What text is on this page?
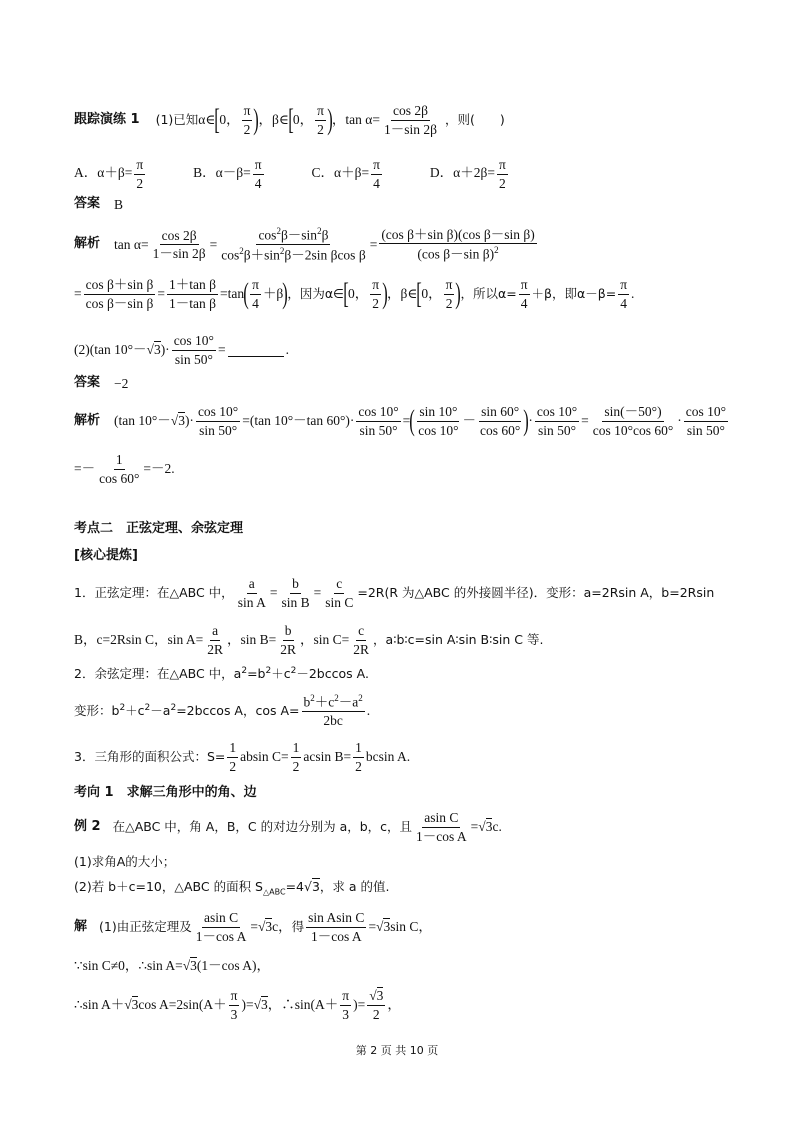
跟踪演练 1 (1)已知 α∈ [ 0， $\frac{\pi}{2}$ ) ，β∈ [ 0， $\frac{\pi}{2}$ ) ，$\tan \alpha= \frac{\cos 2\beta}{1-\sin 2\beta}$ ，则(　　)
A．$\alpha+\beta= \frac{\pi}{2}$	B．$\alpha-\beta= \frac{\pi}{4}$	C．$\alpha+\beta= \frac{\pi}{4}$	D．$\alpha+2\beta= \frac{\pi}{2}$
答案 B
解析 $\tan \alpha= \frac{\cos 2\beta}{1-\sin 2\beta} = \frac{\cos^2\beta-\sin^2\beta}{\cos^2\beta+\sin^2\beta-2\sin \beta\cos \beta} = \frac{\text{(cos β＋sin β)(cos β－sin β)}}{(\cos \beta-\sin \beta)^2}$
= $\frac{\text{cos β＋sin β}}{\text{cos β－sin β}} = \frac{\text{1＋tan β}}{\text{1－tan β}} =\tan$ ( $\frac{\pi}{4} +\beta$ ) ，因为α∈ [ 0， $\frac{\pi}{2}$ ) ，β∈ [ 0， $\frac{\pi}{2}$ ) ，所以$\alpha= \frac{\pi}{4} +\beta$，即$\alpha-\beta= \frac{\pi}{4}$ .
(2)(tan 10°－ √3 )· $\frac{\cos 10^\circ}{\sin 50^\circ}$ =	.
答案 −2
解析 (tan $10^\circ-√3)\cdot \frac{\cos 10^\circ}{\sin 50^\circ} =(\tan$ 10°－tan $60^\circ)\cdot \frac{\cos 10^\circ}{\sin 50^\circ}$ = ( $\frac{\sin 10^\circ}{\cos 10^\circ} - \frac{\sin 60^\circ}{\cos 60^\circ}$ ) · $\frac{\cos 10^\circ}{\sin 50^\circ} = \frac{\sin(-50^\circ)}{\cos 10^\circ\cos 60^\circ} \cdot \frac{\cos 10^\circ}{\sin 50^\circ}$
=－ $\frac{1}{\cos 60^\circ} =-2$.
考点二　正弦定理、余弦定理
[核心提炼]
1．正弦定理：在△ABC 中， $\frac{a}{\text{sin A}} = \frac{b}{\text{sin B}} = \frac{c}{\text{sin C}} =2R(R$ 为△ABC 的外接圆半径)．变形：a=2Rsin A，b=2Rsin
B，c=2Rsin C，$\sin A= \frac{a}{2R}$ ，$\sin B= \frac{b}{2R}$ ，$\sin C= \frac{c}{2R}$ ，a∶b∶c=sin A∶sin B∶sin C 等.
2．余弦定理：在△ABC 中，$a^2=b^2+c^2-2bccos$ A.
变形：$b^2+c^2-a^2=2bccos$ A，$\cos A= \frac{b^2+c^2-a^2}{2bc}$ .
3．三角形的面积公式：$S= \frac{1}{2}$ absin $C= \frac{1}{2}$ acsin $B= \frac{1}{2}$ bcsin A.
考向 1　求解三角形中的角、边
例 2 在△ABC 中，角 A，B，C 的对边分别为 a，b，c，且 $\frac{\text{asin C}}{\text{1－cos A}} =√3c$.
(1)求角A的大小；
(2)若 b＋c=10，△ABC 的面积 $S_{\triangle ABC}=4√3$，求 a 的值.
解 (1)由正弦定理及 $\frac{\text{asin C}}{\text{1－cos A}} =√3c$， 得 $\frac{\text{sin Asin C}}{\text{1－cos A}} =√3\sin$ C，
∵sin C≠0，∴sin A=√3(1－cos A)，
∴sin A＋√3cos $A=2\sin(A+ \frac{\pi}{3} )=√3$，∴sin(A＋ $\frac{\pi}{3}$ )= $\frac{√3}{2}$ ，
第 2 页 共 10 页
